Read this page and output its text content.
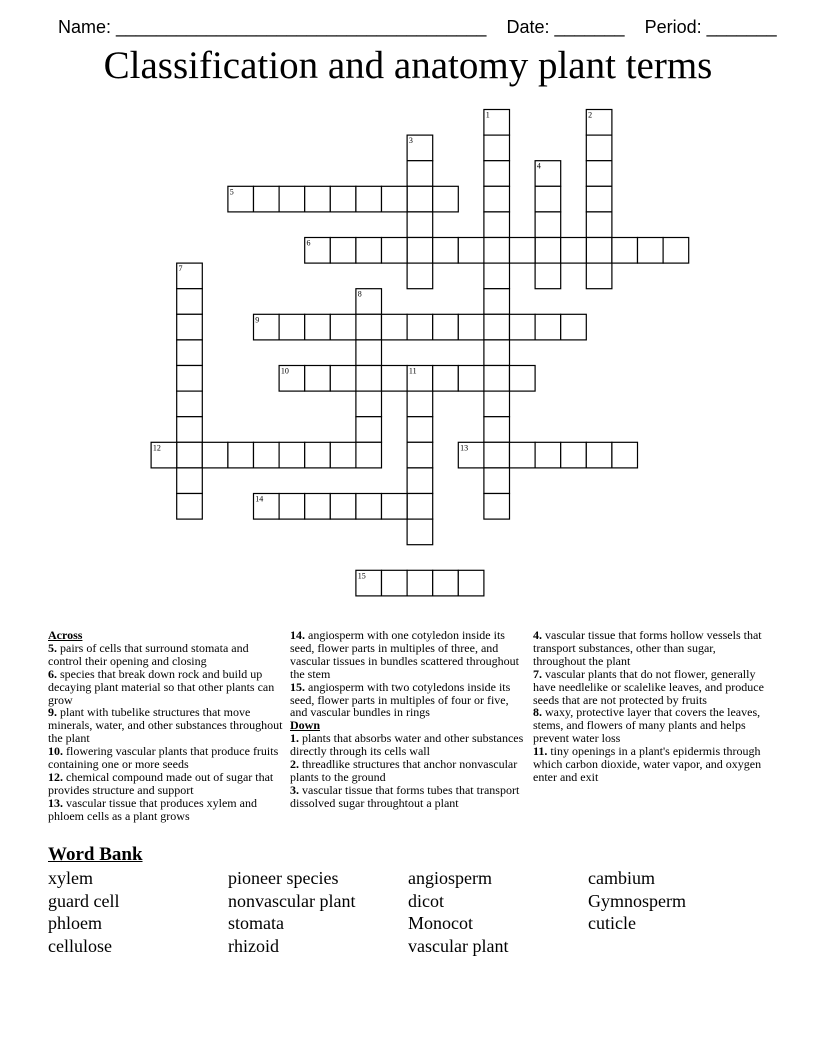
Name: _____________________________________ Date: _______ Period: _______

Classification and anatomy plant terms
1	2
3
4
5
6
7
8
9
10	11
12	13
14
15
Across
5. pairs of cells that surround stomata and control their opening and closing
6. species that break down rock and build up decaying plant material so that other plants can grow
9. plant with tubelike structures that move minerals, water, and other substances throughout the plant
10. flowering vascular plants that produce fruits containing one or more seeds
12. chemical compound made out of sugar that provides structure and support
13. vascular tissue that produces xylem and phloem cells as a plant grows
14. angiosperm with one cotyledon inside its seed, flower parts in multiples of three, and vascular tissues in bundles scattered throughout the stem
15. angiosperm with two cotyledons inside its seed, flower parts in multiples of four or five, and vascular bundles in rings
Down
1. plants that absorbs water and other substances directly through its cells wall
2. threadlike structures that anchor nonvascular plants to the ground
3. vascular tissue that forms tubes that transport dissolved sugar throughtout a plant
4. vascular tissue that forms hollow vessels that transport substances, other than sugar, throughout the plant
7. vascular plants that do not flower, generally have needlelike or scalelike leaves, and produce seeds that are not protected by fruits
8. waxy, protective layer that covers the leaves, stems, and flowers of many plants and helps prevent water loss
11. tiny openings in a plant's epidermis through which carbon dioxide, water vapor, and oxygen enter and exit
Word Bank
xylem
guard cell
phloem
cellulose
pioneer species
nonvascular plant
stomata
rhizoid
angiosperm
dicot
Monocot
vascular plant
cambium
Gymnosperm
cuticle
